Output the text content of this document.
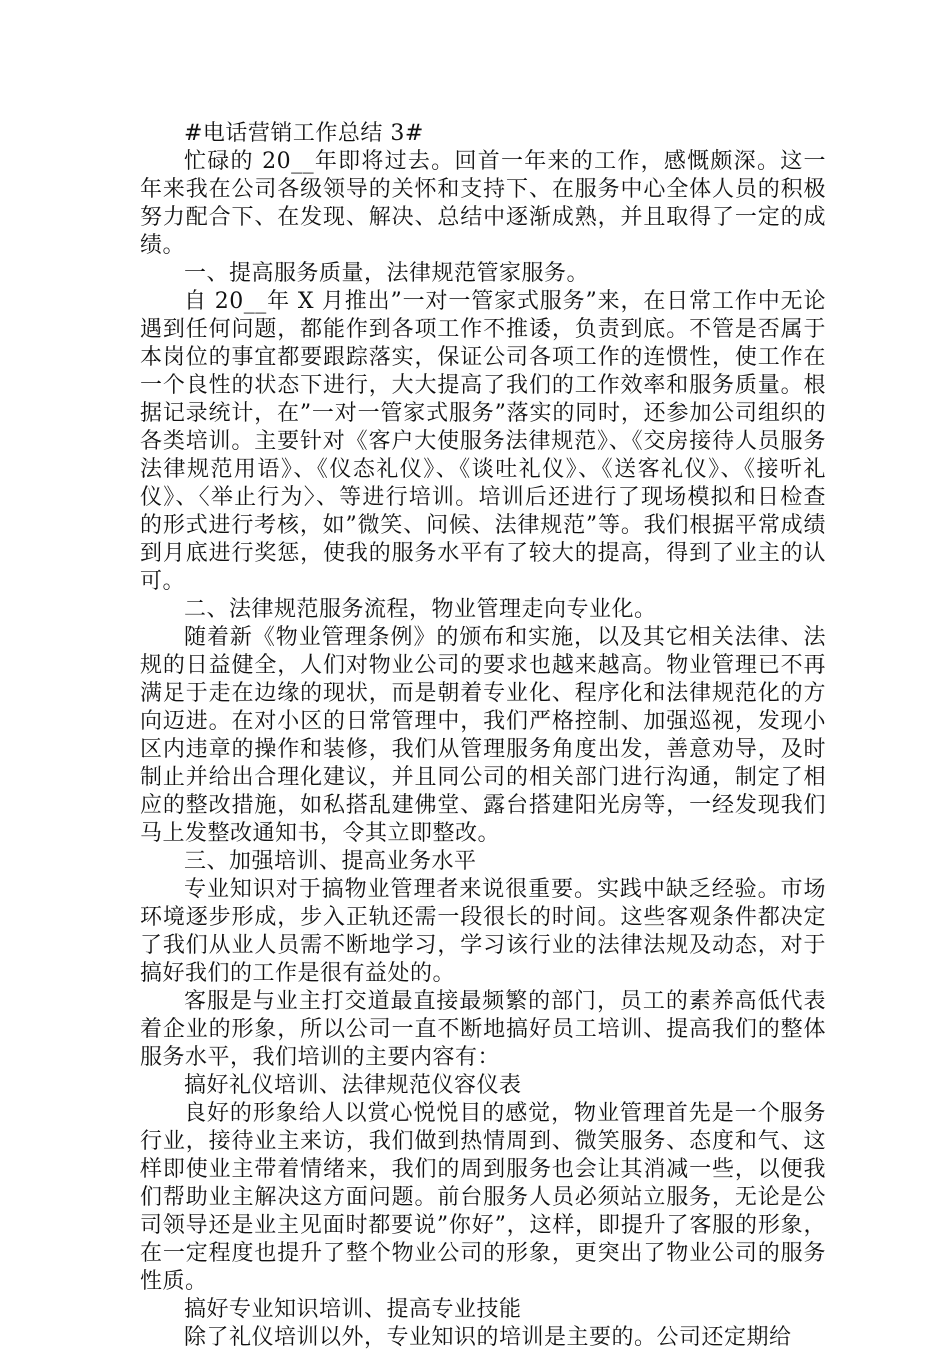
#电话营销工作总结 3#

忙碌的 20__年即将过去。回首一年来的工作，感慨颇深。这一年来我在公司各级领导的关怀和支持下、在服务中心全体人员的积极努力配合下、在发现、解决、总结中逐渐成熟，并且取得了一定的成绩。

一、提高服务质量，法律规范管家服务。

自 20__年 X 月推出”一对一管家式服务”来，在日常工作中无论遇到任何问题，都能作到各项工作不推诿，负责到底。不管是否属于本岗位的事宜都要跟踪落实，保证公司各项工作的连惯性，使工作在一个良性的状态下进行，大大提高了我们的工作效率和服务质量。根据记录统计，在”一对一管家式服务”落实的同时，还参加公司组织的各类培训。主要针对《客户大使服务法律规范》、《交房接待人员服务法律规范用语》、《仪态礼仪》、《谈吐礼仪》、《送客礼仪》、《接听礼仪》、〈举止行为〉、等进行培训。培训后还进行了现场模拟和日检查的形式进行考核，如”微笑、问候、法律规范”等。我们根据平常成绩到月底进行奖惩，使我的服务水平有了较大的提高，得到了业主的认可。

二、法律规范服务流程，物业管理走向专业化。

随着新《物业管理条例》的颁布和实施，以及其它相关法律、法规的日益健全，人们对物业公司的要求也越来越高。物业管理已不再满足于走在边缘的现状，而是朝着专业化、程序化和法律规范化的方向迈进。在对小区的日常管理中，我们严格控制、加强巡视，发现小区内违章的操作和装修，我们从管理服务角度出发，善意劝导，及时制止并给出合理化建议，并且同公司的相关部门进行沟通，制定了相应的整改措施，如私搭乱建佛堂、露台搭建阳光房等，一经发现我们马上发整改通知书，令其立即整改。

三、加强培训、提高业务水平

专业知识对于搞物业管理者来说很重要。实践中缺乏经验。市场环境逐步形成，步入正轨还需一段很长的时间。这些客观条件都决定了我们从业人员需不断地学习，学习该行业的法律法规及动态，对于搞好我们的工作是很有益处的。

客服是与业主打交道最直接最频繁的部门，员工的素养高低代表着企业的形象，所以公司一直不断地搞好员工培训、提高我们的整体服务水平，我们培训的主要内容有：

搞好礼仪培训、法律规范仪容仪表

良好的形象给人以赏心悦悦目的感觉，物业管理首先是一个服务行业，接待业主来访，我们做到热情周到、微笑服务、态度和气、这样即使业主带着情绪来，我们的周到服务也会让其消减一些，以便我们帮助业主解决这方面问题。前台服务人员必须站立服务，无论是公司领导还是业主见面时都要说”你好”，这样，即提升了客服的形象，在一定程度也提升了整个物业公司的形象，更突出了物业公司的服务性质。

搞好专业知识培训、提高专业技能

除了礼仪培训以外，专业知识的培训是主要的。公司还定期给
